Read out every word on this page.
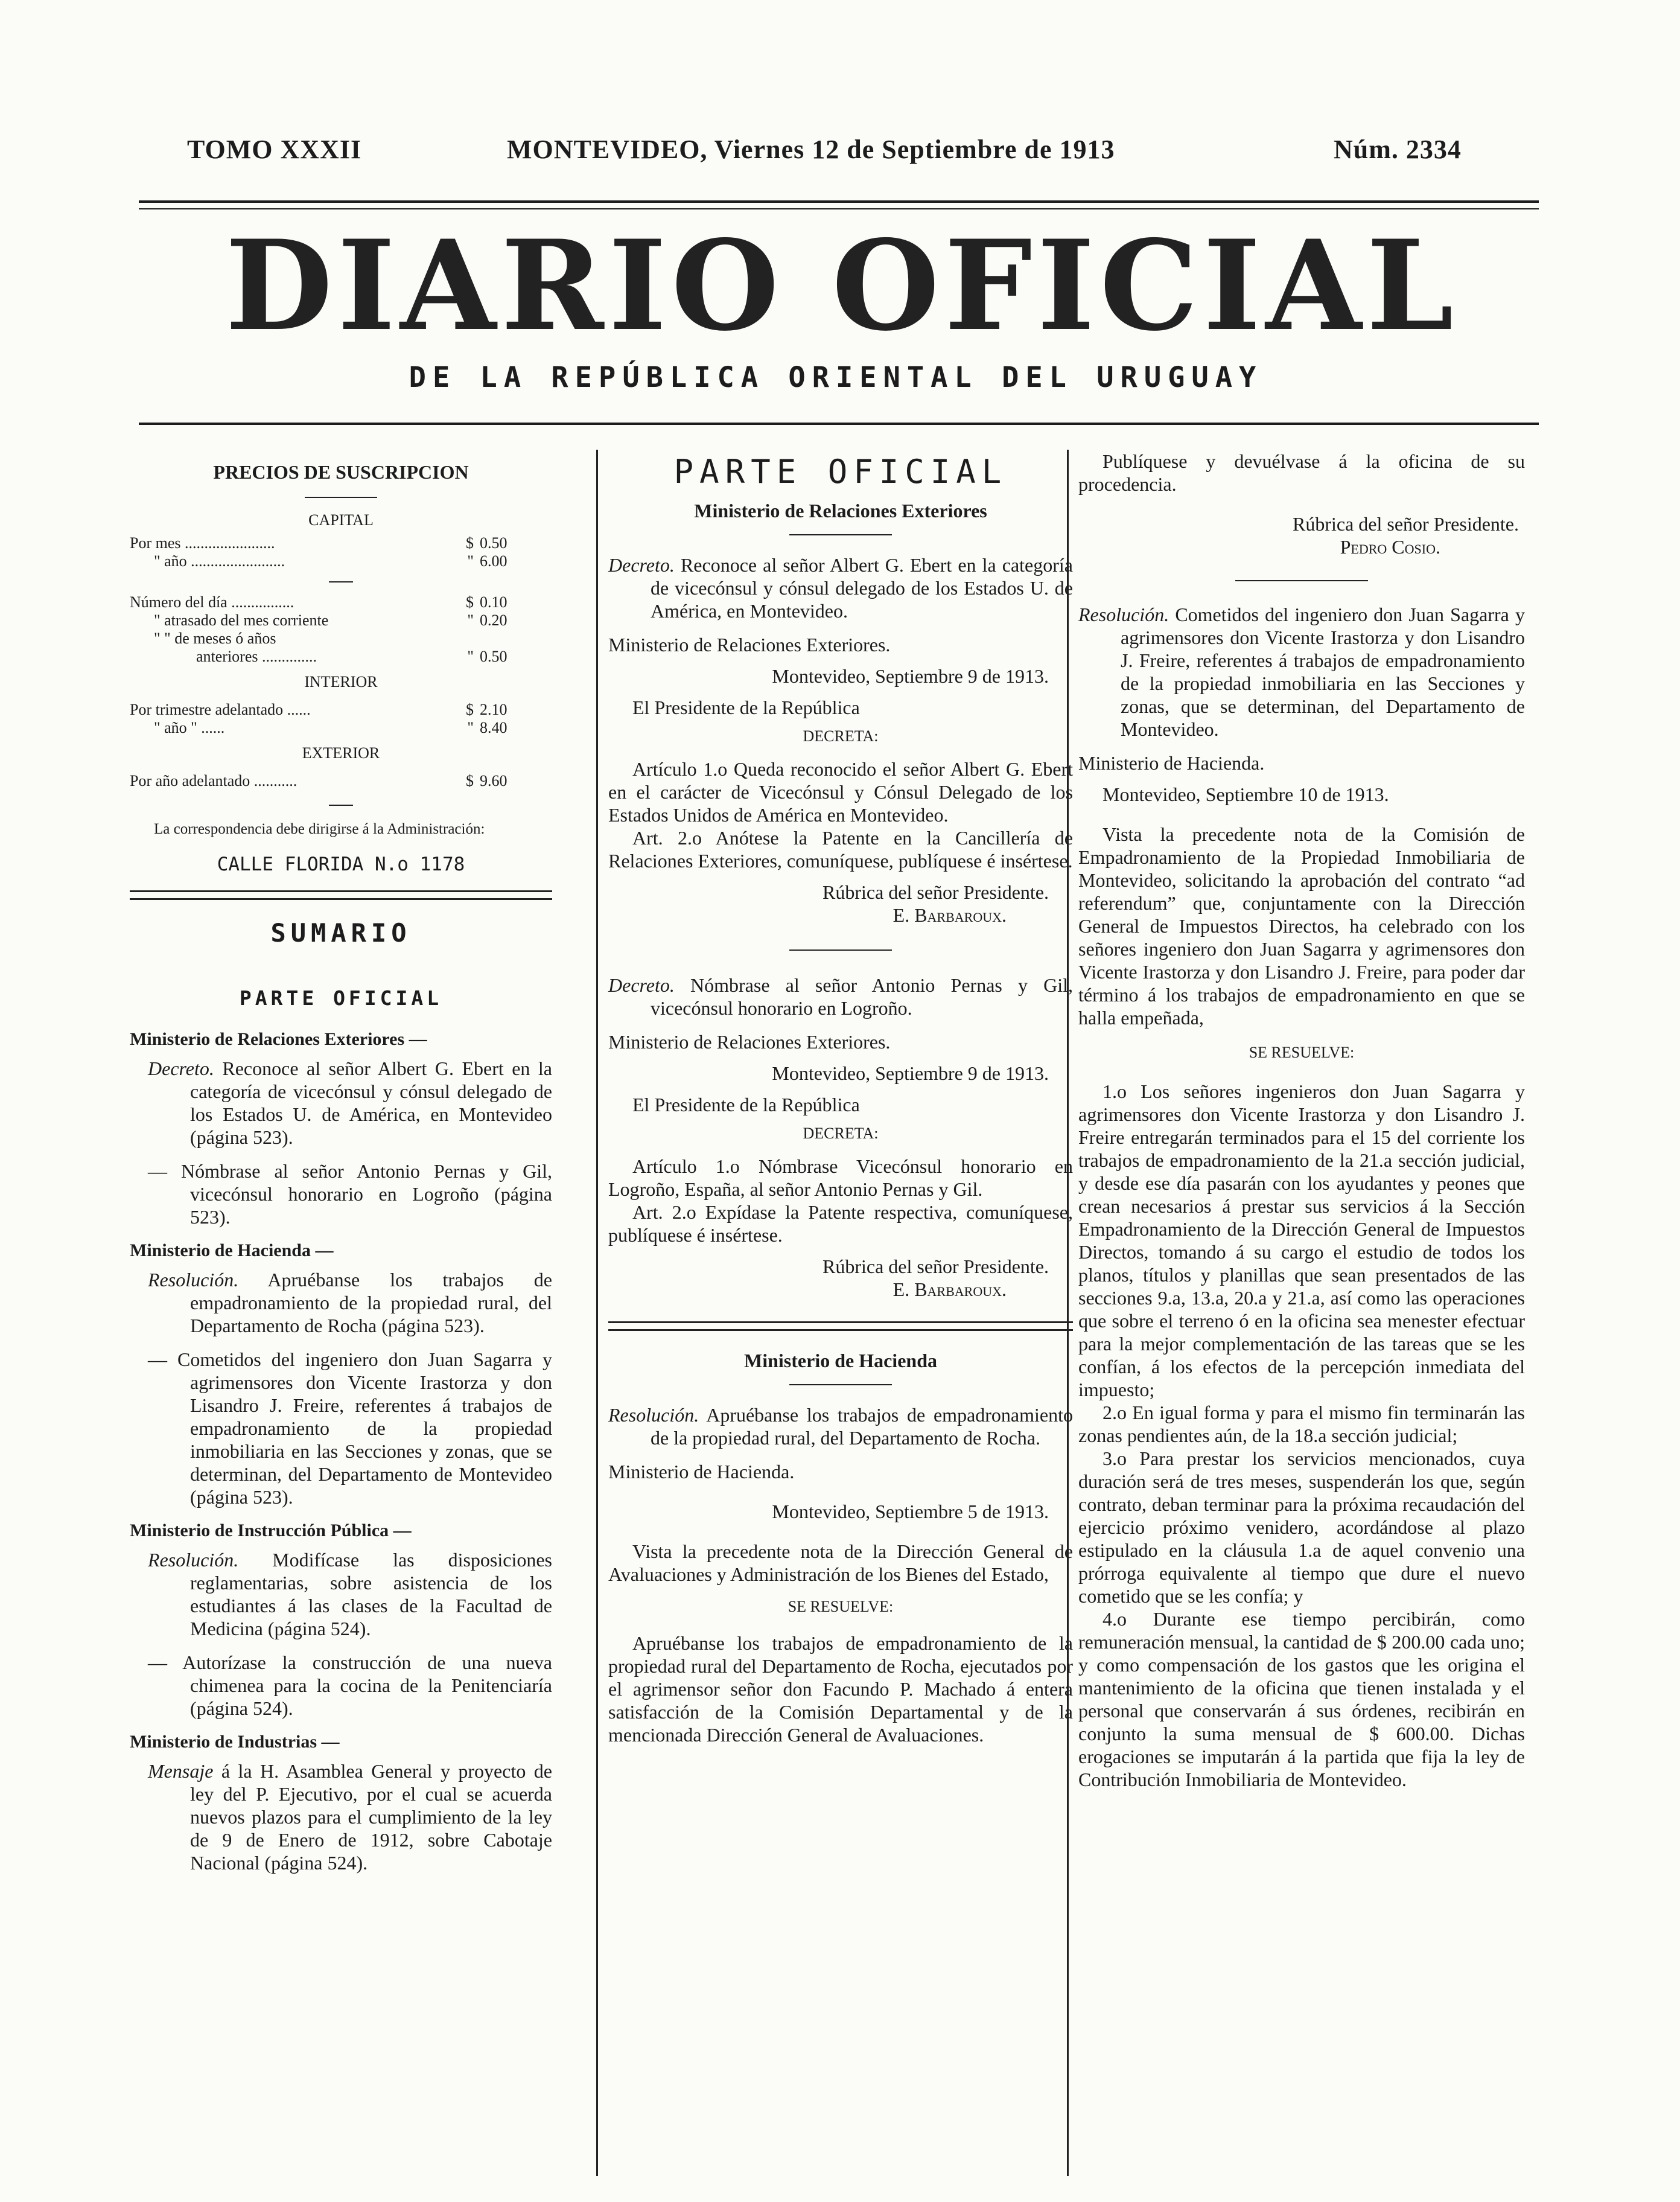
TOMO XXXII	MONTEVIDEO, Viernes 12 de Septiembre de 1913	Núm. 2334
DIARIO OFICIAL
DE LA REPÚBLICA ORIENTAL DEL URUGUAY
PRECIOS DE SUSCRIPCION
CAPITAL
Por mes .......................	$ 0.50
" año ........................	" 6.00
Número del día ................	$ 0.10
" atrasado del mes corriente	" 0.20
" " de meses ó años
anteriores ..............	" 0.50
INTERIOR
Por trimestre adelantado ......	$ 2.10
" año " ......	" 8.40
EXTERIOR
Por año adelantado ...........	$ 9.60

La correspondencia debe dirigirse á la Administración:

CALLE FLORIDA N.o 1178
SUMARIO
PARTE OFICIAL
Ministerio de Relaciones Exteriores —

Decreto. Reconoce al señor Albert G. Ebert en la categoría de vicecónsul y cónsul delegado de los Estados U. de América, en Montevideo (página 523).

— Nómbrase al señor Antonio Pernas y Gil, vicecónsul honorario en Logroño (página 523).

Ministerio de Hacienda —

Resolución. Apruébanse los trabajos de empadronamiento de la propiedad rural, del Departamento de Rocha (página 523).

— Cometidos del ingeniero don Juan Sagarra y agrimensores don Vicente Irastorza y don Lisandro J. Freire, referentes á trabajos de empadronamiento de la propiedad inmobiliaria en las Secciones y zonas, que se determinan, del Departamento de Montevideo (página 523).

Ministerio de Instrucción Pública —

Resolución. Modifícase las disposiciones reglamentarias, sobre asistencia de los estudiantes á las clases de la Facultad de Medicina (página 524).

— Autorízase la construcción de una nueva chimenea para la cocina de la Penitenciaría (página 524).

Ministerio de Industrias —

Mensaje á la H. Asamblea General y proyecto de ley del P. Ejecutivo, por el cual se acuerda nuevos plazos para el cumplimiento de la ley de 9 de Enero de 1912, sobre Cabotaje Nacional (página 524).

PARTE OFICIAL
Ministerio de Relaciones Exteriores

Decreto. Reconoce al señor Albert G. Ebert en la categoría de vicecónsul y cónsul delegado de los Estados U. de América, en Montevideo.

Ministerio de Relaciones Exteriores.

Montevideo, Septiembre 9 de 1913.

El Presidente de la República

DECRETA:

Artículo 1.o Queda reconocido el señor Albert G. Ebert en el carácter de Vicecónsul y Cónsul Delegado de los Estados Unidos de América en Montevideo.

Art. 2.o Anótese la Patente en la Cancillería de Relaciones Exteriores, comuníquese, publíquese é insértese.

Rúbrica del señor Presidente.

E. Barbaroux.

Decreto. Nómbrase al señor Antonio Pernas y Gil, vicecónsul honorario en Logroño.

Ministerio de Relaciones Exteriores.

Montevideo, Septiembre 9 de 1913.

El Presidente de la República

DECRETA:

Artículo 1.o Nómbrase Vicecónsul honorario en Logroño, España, al señor Antonio Pernas y Gil.

Art. 2.o Expídase la Patente respectiva, comuníquese, publíquese é insértese.

Rúbrica del señor Presidente.

E. Barbaroux.

Ministerio de Hacienda

Resolución. Apruébanse los trabajos de empadronamiento de la propiedad rural, del Departamento de Rocha.

Ministerio de Hacienda.

Montevideo, Septiembre 5 de 1913.

Vista la precedente nota de la Dirección General de Avaluaciones y Administración de los Bienes del Estado,

SE RESUELVE:

Apruébanse los trabajos de empadronamiento de la propiedad rural del Departamento de Rocha, ejecutados por el agrimensor señor don Facundo P. Machado á entera satisfacción de la Comisión Departamental y de la mencionada Dirección General de Avaluaciones.

Publíquese y devuélvase á la oficina de su procedencia.

Rúbrica del señor Presidente.

Pedro Cosio.

Resolución. Cometidos del ingeniero don Juan Sagarra y agrimensores don Vicente Irastorza y don Lisandro J. Freire, referentes á trabajos de empadronamiento de la propiedad inmobiliaria en las Secciones y zonas, que se determinan, del Departamento de Montevideo.

Ministerio de Hacienda.

Montevideo, Septiembre 10 de 1913.

Vista la precedente nota de la Comisión de Empadronamiento de la Propiedad Inmobiliaria de Montevideo, solicitando la aprobación del contrato “ad referendum” que, conjuntamente con la Dirección General de Impuestos Directos, ha celebrado con los señores ingeniero don Juan Sagarra y agrimensores don Vicente Irastorza y don Lisandro J. Freire, para poder dar término á los trabajos de empadronamiento en que se halla empeñada,

SE RESUELVE:

1.o Los señores ingenieros don Juan Sagarra y agrimensores don Vicente Irastorza y don Lisandro J. Freire entregarán terminados para el 15 del corriente los trabajos de empadronamiento de la 21.a sección judicial, y desde ese día pasarán con los ayudantes y peones que crean necesarios á prestar sus servicios á la Sección Empadronamiento de la Dirección General de Impuestos Directos, tomando á su cargo el estudio de todos los planos, títulos y planillas que sean presentados de las secciones 9.a, 13.a, 20.a y 21.a, así como las operaciones que sobre el terreno ó en la oficina sea menester efectuar para la mejor complementación de las tareas que se les confían, á los efectos de la percepción inmediata del impuesto;

2.o En igual forma y para el mismo fin terminarán las zonas pendientes aún, de la 18.a sección judicial;

3.o Para prestar los servicios mencionados, cuya duración será de tres meses, suspenderán los que, según contrato, deban terminar para la próxima recaudación del ejercicio próximo venidero, acordándose al plazo estipulado en la cláusula 1.a de aquel convenio una prórroga equivalente al tiempo que dure el nuevo cometido que se les confía; y

4.o Durante ese tiempo percibirán, como remuneración mensual, la cantidad de $ 200.00 cada uno; y como compensación de los gastos que les origina el mantenimiento de la oficina que tienen instalada y el personal que conservarán á sus órdenes, recibirán en conjunto la suma mensual de $ 600.00. Dichas erogaciones se imputarán á la partida que fija la ley de Contribución Inmobiliaria de Montevideo.
